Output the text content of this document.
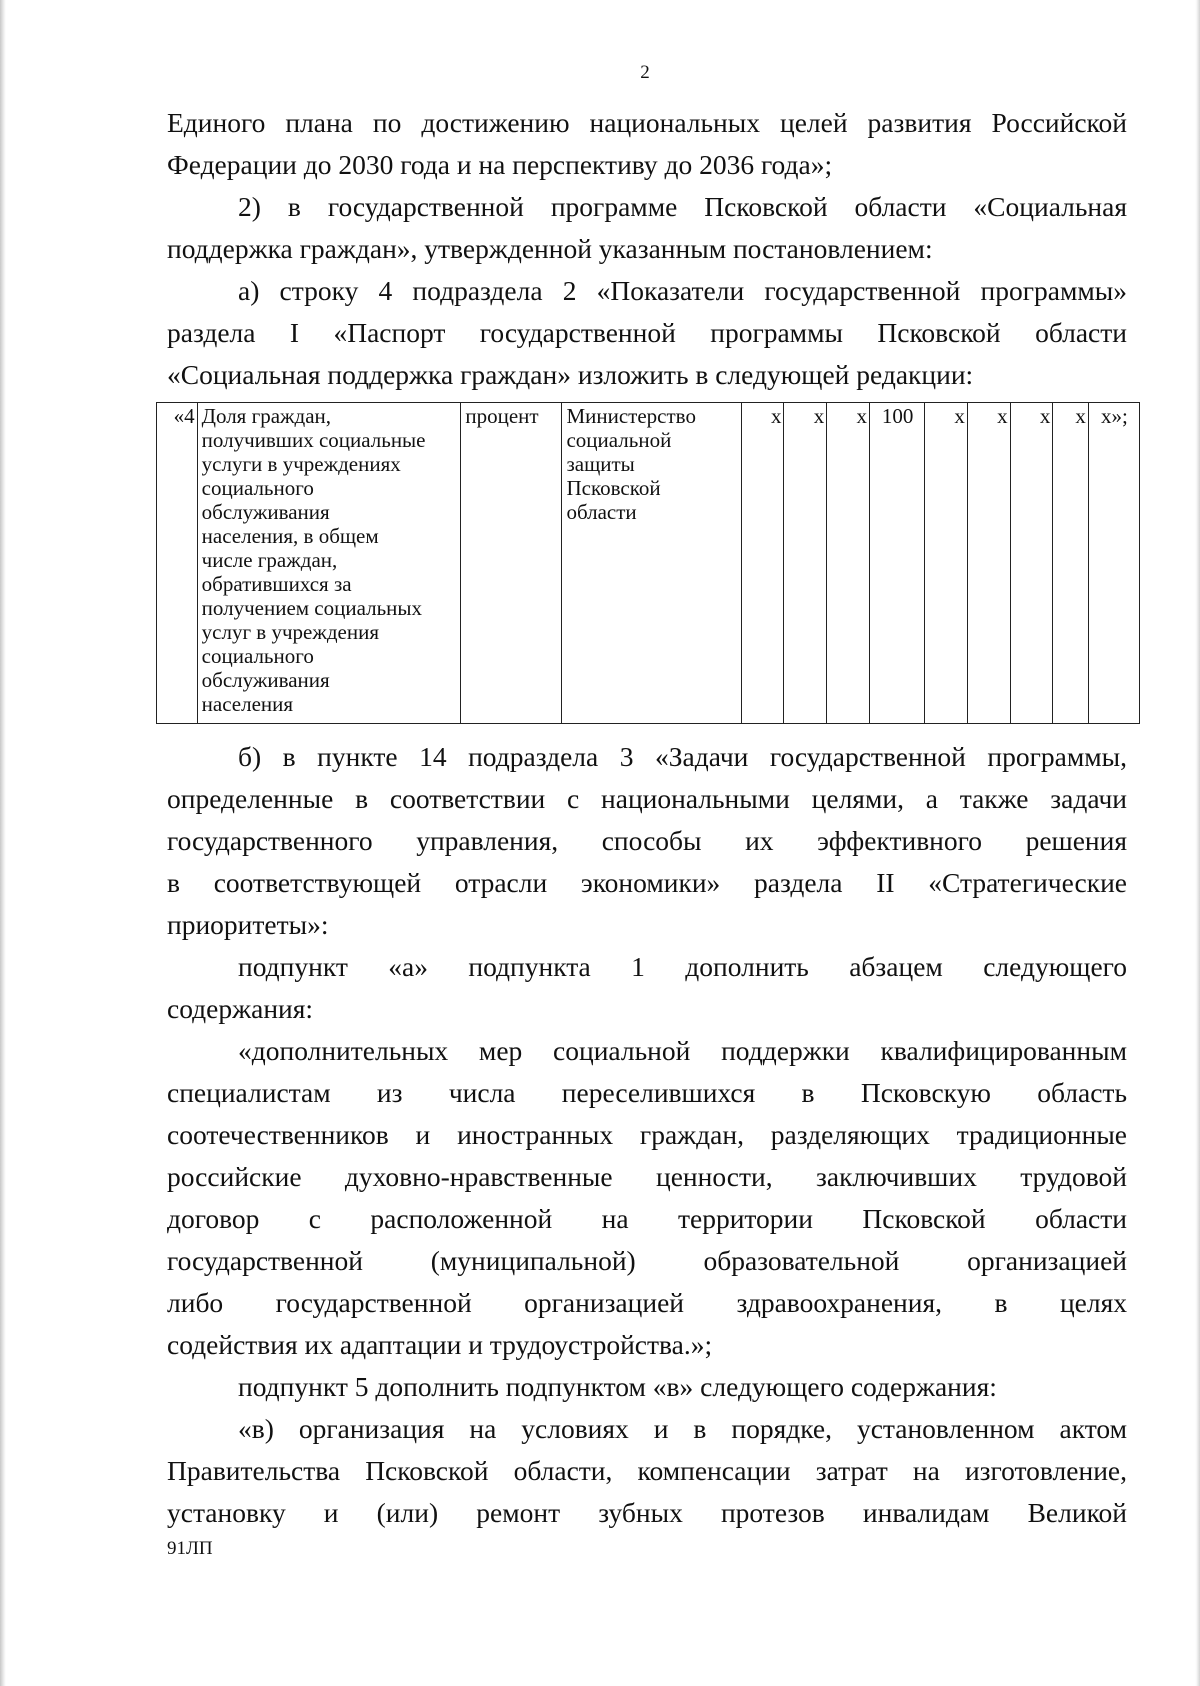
2
Единого плана по достижению национальных целей развития Российской
Федерации до 2030 года и на перспективу до 2036 года»;
2) в государственной программе Псковской области «Социальная
поддержка граждан», утвержденной указанным постановлением:
а) строку 4 подраздела 2 «Показатели государственной программы»
раздела I «Паспорт государственной программы Псковской области
«Социальная поддержка граждан» изложить в следующей редакции:
«4	Доля граждан,
получивших социальные
услуги в учреждениях
социального
обслуживания
населения, в общем
числе граждан,
обратившихся за
получением социальных
услуг в учреждения
социального
обслуживания
населения
	процент	Министерство
социальной
защиты
Псковской
области
	х	х	х	100	х	х	х	х	х»;
б) в пункте 14 подраздела 3 «Задачи государственной программы,
определенные в соответствии с национальными целями, а также задачи
государственного управления, способы их эффективного решения
в соответствующей отрасли экономики» раздела II «Стратегические
приоритеты»:
подпункт «а» подпункта 1 дополнить абзацем следующего
содержания:
«дополнительных мер социальной поддержки квалифицированным
специалистам из числа переселившихся в Псковскую область
соотечественников и иностранных граждан, разделяющих традиционные
российские духовно-нравственные ценности, заключивших трудовой
договор с расположенной на территории Псковской области
государственной (муниципальной) образовательной организацией
либо государственной организацией здравоохранения, в целях
содействия их адаптации и трудоустройства.»;
подпункт 5 дополнить подпунктом «в» следующего содержания:
«в) организация на условиях и в порядке, установленном актом
Правительства Псковской области, компенсации затрат на изготовление,
установку и (или) ремонт зубных протезов инвалидам Великой
91ЛП
